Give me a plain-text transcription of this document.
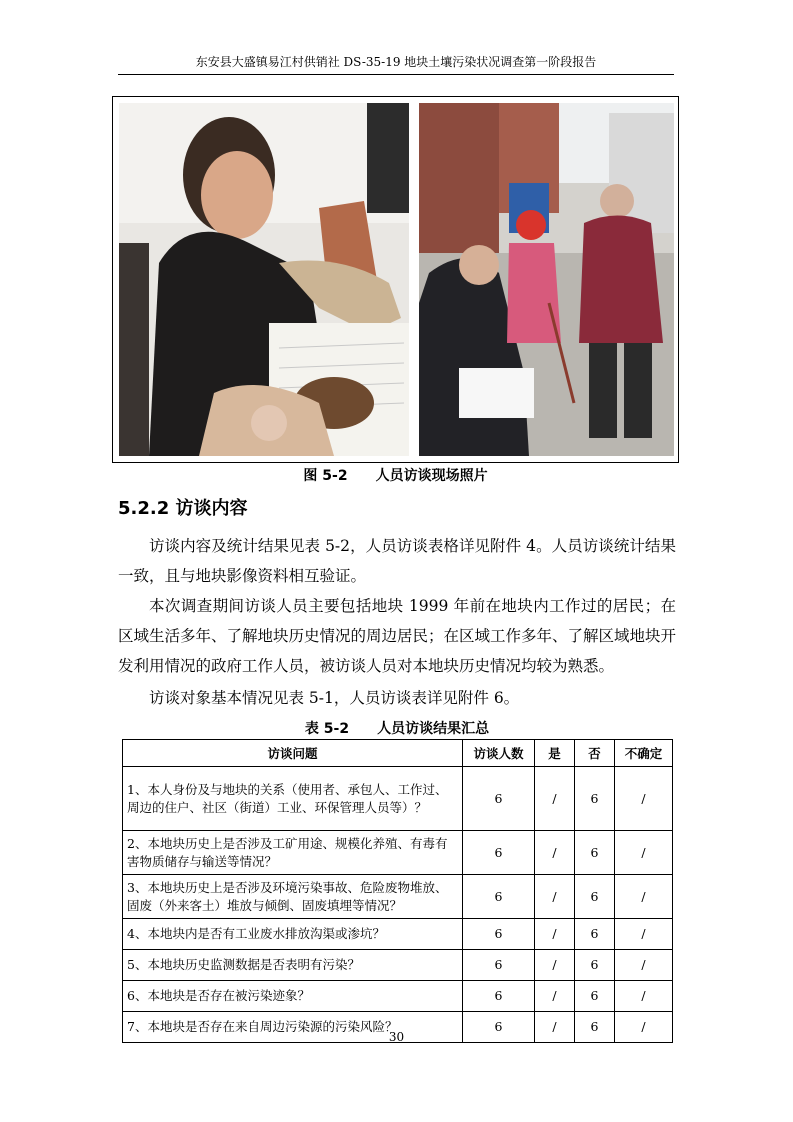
东安县大盛镇易江村供销社 DS-35-19 地块土壤污染状况调查第一阶段报告
图 5-2 人员访谈现场照片
5.2.2 访谈内容

访谈内容及统计结果见表 5-2，人员访谈表格详见附件 4。人员访谈统计结果一致，且与地块影像资料相互验证。

本次调查期间访谈人员主要包括地块 1999 年前在地块内工作过的居民；在区域生活多年、了解地块历史情况的周边居民；在区域工作多年、了解区域地块开发利用情况的政府工作人员，被访谈人员对本地块历史情况均较为熟悉。

访谈对象基本情况见表 5-1，人员访谈表详见附件 6。

表 5-2 人员访谈结果汇总
访谈问题	访谈人数	是	否	不确定
1、本人身份及与地块的关系（使用者、承包人、工作过、周边的住户、社区（街道）工业、环保管理人员等）？	6	/	6	/
2、本地块历史上是否涉及工矿用途、规模化养殖、有毒有害物质储存与输送等情况？	6	/	6	/
3、本地块历史上是否涉及环境污染事故、危险废物堆放、固废（外来客土）堆放与倾倒、固废填埋等情况？	6	/	6	/
4、本地块内是否有工业废水排放沟渠或渗坑？	6	/	6	/
5、本地块历史监测数据是否表明有污染？	6	/	6	/
6、本地块是否存在被污染迹象？	6	/	6	/
7、本地块是否存在来自周边污染源的污染风险？	6	/	6	/
30
